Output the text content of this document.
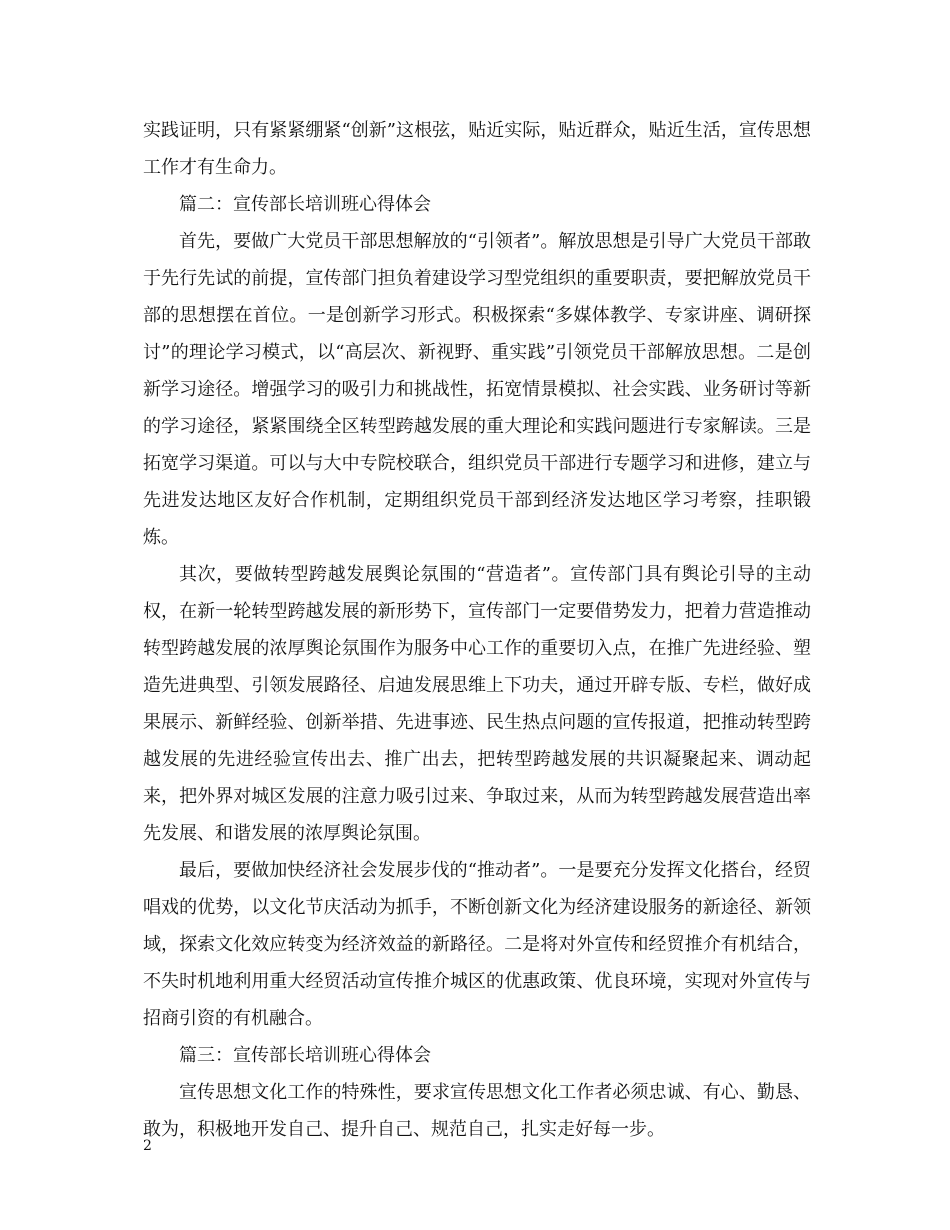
实践证明，只有紧紧绷紧“创新”这根弦，贴近实际，贴近群众，贴近生活，宣传思想工作才有生命力。

篇二：宣传部长培训班心得体会

首先，要做广大党员干部思想解放的“引领者”。解放思想是引导广大党员干部敢于先行先试的前提，宣传部门担负着建设学习型党组织的重要职责，要把解放党员干部的思想摆在首位。一是创新学习形式。积极探索“多媒体教学、专家讲座、调研探讨”的理论学习模式，以“高层次、新视野、重实践”引领党员干部解放思想。二是创新学习途径。增强学习的吸引力和挑战性，拓宽情景模拟、社会实践、业务研讨等新的学习途径，紧紧围绕全区转型跨越发展的重大理论和实践问题进行专家解读。三是拓宽学习渠道。可以与大中专院校联合，组织党员干部进行专题学习和进修，建立与先进发达地区友好合作机制，定期组织党员干部到经济发达地区学习考察，挂职锻炼。

其次，要做转型跨越发展舆论氛围的“营造者”。宣传部门具有舆论引导的主动权，在新一轮转型跨越发展的新形势下，宣传部门一定要借势发力，把着力营造推动转型跨越发展的浓厚舆论氛围作为服务中心工作的重要切入点，在推广先进经验、塑造先进典型、引领发展路径、启迪发展思维上下功夫，通过开辟专版、专栏，做好成果展示、新鲜经验、创新举措、先进事迹、民生热点问题的宣传报道，把推动转型跨越发展的先进经验宣传出去、推广出去，把转型跨越发展的共识凝聚起来、调动起来，把外界对城区发展的注意力吸引过来、争取过来，从而为转型跨越发展营造出率先发展、和谐发展的浓厚舆论氛围。

最后，要做加快经济社会发展步伐的“推动者”。一是要充分发挥文化搭台，经贸唱戏的优势，以文化节庆活动为抓手，不断创新文化为经济建设服务的新途径、新领域，探索文化效应转变为经济效益的新路径。二是将对外宣传和经贸推介有机结合，不失时机地利用重大经贸活动宣传推介城区的优惠政策、优良环境，实现对外宣传与招商引资的有机融合。

篇三：宣传部长培训班心得体会

宣传思想文化工作的特殊性，要求宣传思想文化工作者必须忠诚、有心、勤恳、敢为，积极地开发自己、提升自己、规范自己，扎实走好每一步。

2
